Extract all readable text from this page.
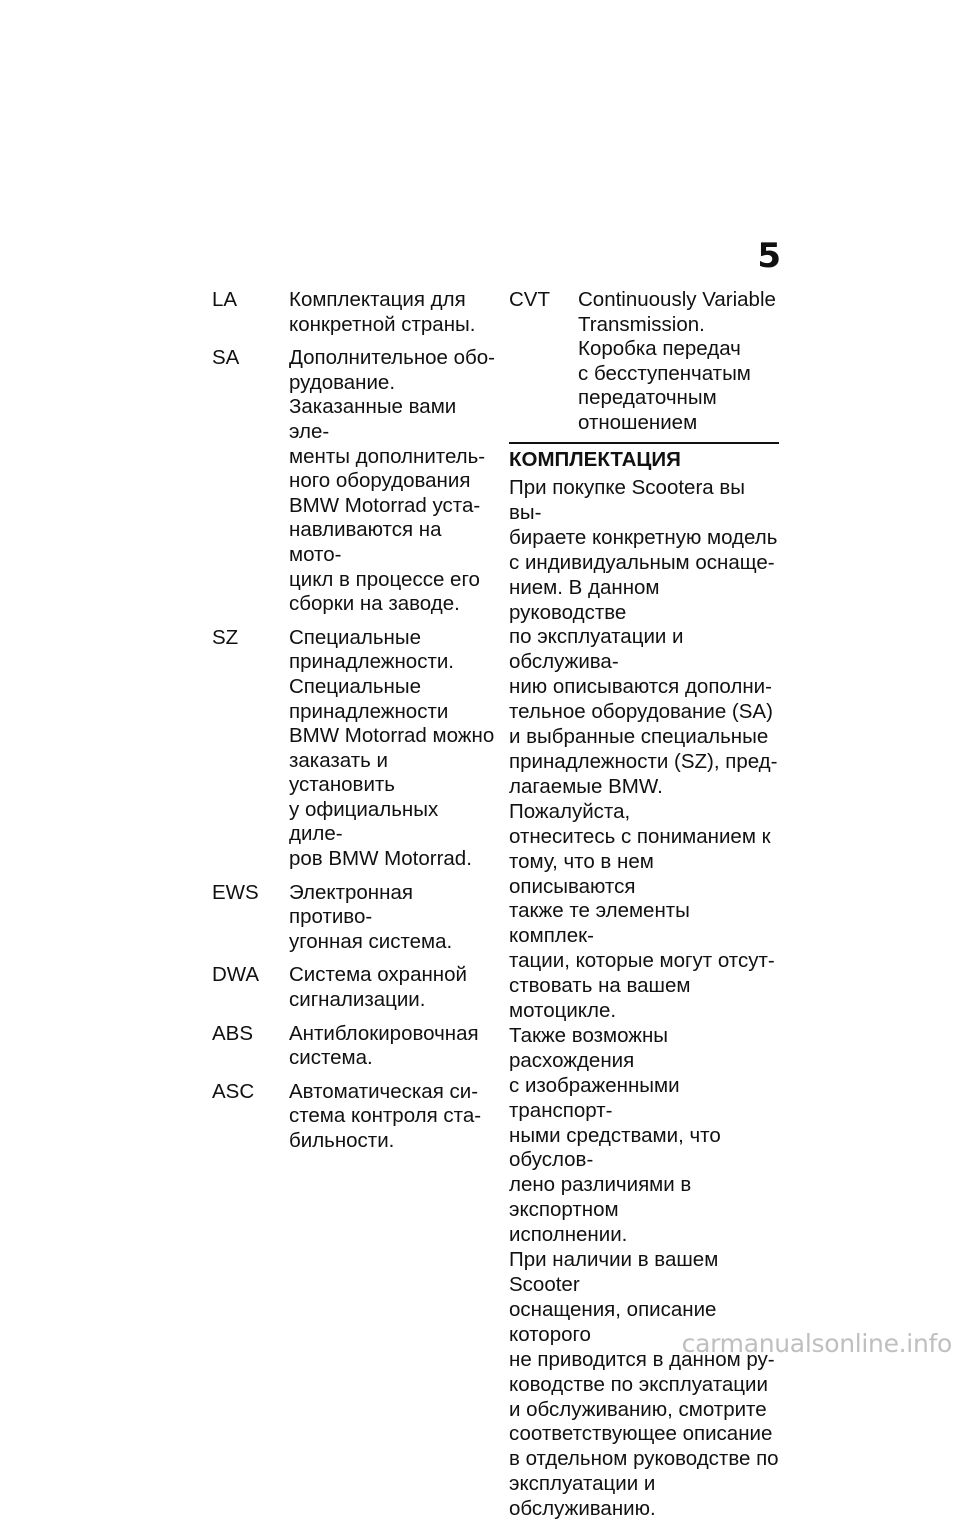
5
LA	Комплектация для
конкретной страны.
SA	Дополнительное обо-
рудование.
Заказанные вами эле-
менты дополнитель-
ного оборудования
BMW Motorrad уста-
навливаются на мото-
цикл в процессе его
сборки на заводе.
SZ	Специальные
принадлежности.
Специальные
принадлежности
BMW Motorrad можно
заказать и установить
у официальных диле-
ров BMW Motorrad.
EWS	Электронная противо-
угонная система.
DWA	Система охранной
сигнализации.
ABS	Антиблокировочная
система.
ASC	Автоматическая си-
стема контроля ста-
бильности.
CVT	Continuously Variable
Transmission.
Коробка передач
с бесступенчатым
передаточным
отношением
КОМПЛЕКТАЦИЯ

При покупке Scootera вы вы-
бираете конкретную модель
с индивидуальным оснаще-
нием. В данном руководстве
по эксплуатации и обслужива-
нию описываются дополни-
тельное оборудование (SA)
и выбранные специальные
принадлежности (SZ), пред-
лагаемые BMW. Пожалуйста,
отнеситесь с пониманием к
тому, что в нем описываются
также те элементы комплек-
тации, которые могут отсут-
ствовать на вашем мотоцикле.
Также возможны расхождения
с изображенными транспорт-
ными средствами, что обуслов-
лено различиями в экспортном
исполнении.

При наличии в вашем Scooter
оснащения, описание которого
не приводится в данном ру-
ководстве по эксплуатации
и обслуживанию, смотрите
соответствующее описание
в отдельном руководстве по
эксплуатации и обслуживанию.

carmanualsonline.info
